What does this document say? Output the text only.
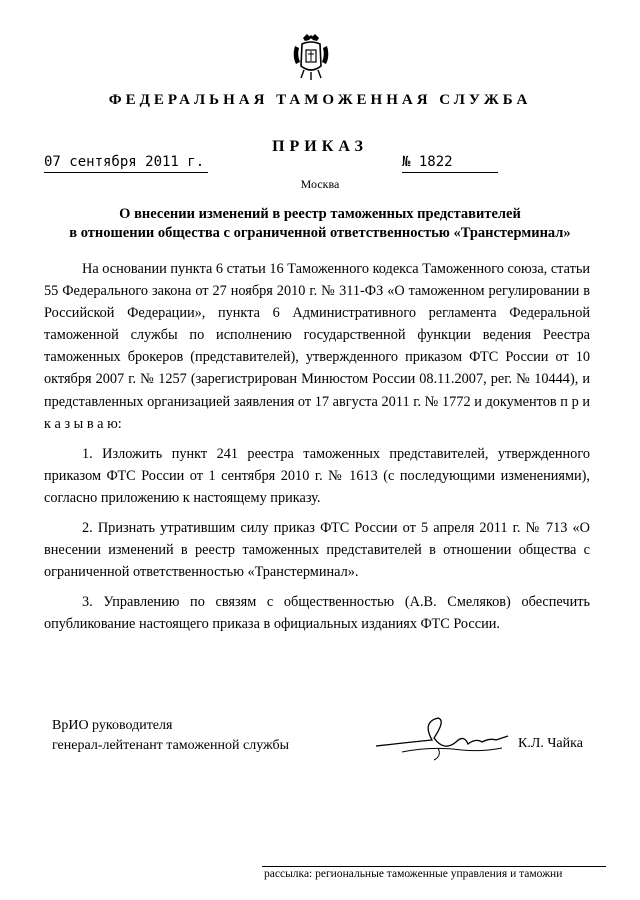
ФЕДЕРАЛЬНАЯ ТАМОЖЕННАЯ СЛУЖБА
ПРИКАЗ
07 сентября 2011 г.	№ 1822
Москва
О внесении изменений в реестр таможенных представителей
в отношении общества с ограниченной ответственностью «Транстерминал»

На основании пункта 6 статьи 16 Таможенного кодекса Таможенного союза, статьи 55 Федерального закона от 27 ноября 2010 г. № 311-ФЗ «О таможенном регулировании в Российской Федерации», пункта 6 Административного регламента Федеральной таможенной службы по исполнению государственной функции ведения Реестра таможенных брокеров (представителей), утвержденного приказом ФТС России от 10 октября 2007 г. № 1257 (зарегистрирован Минюстом России 08.11.2007, рег. № 10444), и представленных организацией заявления от 17 августа 2011 г. № 1772 и документов п р и к а з ы в а ю:

1. Изложить пункт 241 реестра таможенных представителей, утвержденного приказом ФТС России от 1 сентября 2010 г. № 1613 (с последующими изменениями), согласно приложению к настоящему приказу.

2. Признать утратившим силу приказ ФТС России от 5 апреля 2011 г. № 713 «О внесении изменений в реестр таможенных представителей в отношении общества с ограниченной ответственностью «Транстерминал».

3. Управлению по связям с общественностью (А.В. Смеляков) обеспечить опубликование настоящего приказа в официальных изданиях ФТС России.

ВрИО руководителя
генерал-лейтенант таможенной службы	К.Л. Чайка
рассылка: региональные таможенные управления и таможни
